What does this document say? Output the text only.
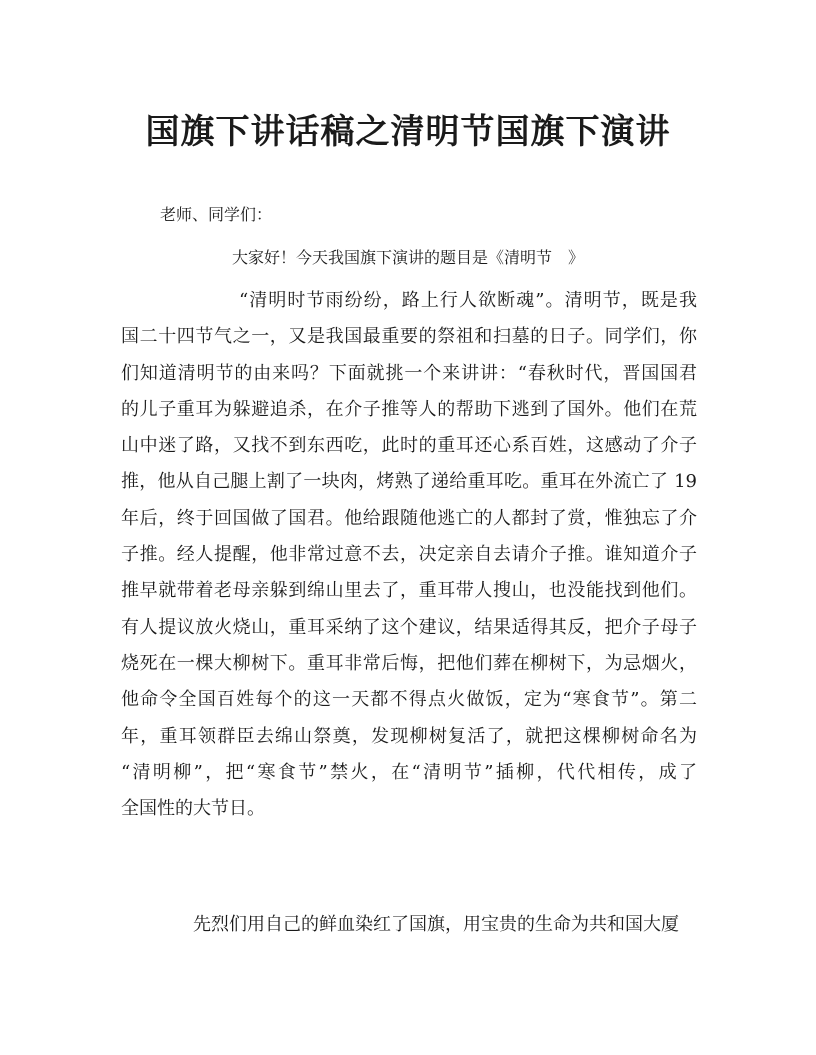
国旗下讲话稿之清明节国旗下演讲

老师、同学们：

大家好！今天我国旗下演讲的题目是《清明节　》

“清明时节雨纷纷，路上行人欲断魂”。清明节，既是我
国二十四节气之一，又是我国最重要的祭祖和扫墓的日子。同学们，你
们知道清明节的由来吗？下面就挑一个来讲讲：“春秋时代，晋国国君
的儿子重耳为躲避追杀，在介子推等人的帮助下逃到了国外。他们在荒
山中迷了路，又找不到东西吃，此时的重耳还心系百姓，这感动了介子
推，他从自己腿上割了一块肉，烤熟了递给重耳吃。重耳在外流亡了 19
年后，终于回国做了国君。他给跟随他逃亡的人都封了赏，惟独忘了介
子推。经人提醒，他非常过意不去，决定亲自去请介子推。谁知道介子
推早就带着老母亲躲到绵山里去了，重耳带人搜山，也没能找到他们。
有人提议放火烧山，重耳采纳了这个建议，结果适得其反，把介子母子
烧死在一棵大柳树下。重耳非常后悔，把他们葬在柳树下，为忌烟火，
他命令全国百姓每个的这一天都不得点火做饭，定为“寒食节”。第二
年，重耳领群臣去绵山祭奠，发现柳树复活了，就把这棵柳树命名为
“清明柳”，把“寒食节”禁火，在“清明节”插柳，代代相传，成了
全国性的大节日。
先烈们用自己的鲜血染红了国旗，用宝贵的生命为共和国大厦
